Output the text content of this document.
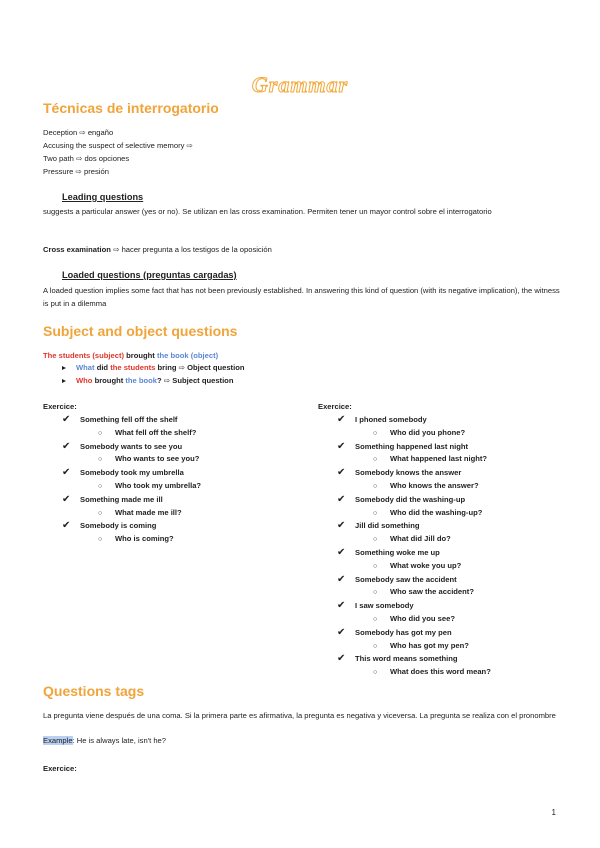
Grammar
Técnicas de interrogatorio
Deception ⇨ engaño
Accusing the suspect of selective memory ⇨
Two path ⇨ dos opciones
Pressure ⇨ presión
Leading questions
suggests a particular answer (yes or no). Se utilizan en las cross examination. Permiten tener un mayor control sobre el interrogatorio
Cross examination ⇨ hacer pregunta a los testigos de la oposición
Loaded questions (preguntas cargadas)
A loaded question implies some fact that has not been previously established. In answering this kind of question (with its negative implication), the witness is put in a dilemma
Subject and object questions
The students (subject) brought the book (object)
What did the students bring ⇨ Object question
Who brought the book? ⇨ Subject question
Exercice:	Exercice:
✔ Something fell off the shelf
○ What fell off the shelf?
✔ Somebody wants to see you
○ Who wants to see you?
✔ Somebody took my umbrella
○ Who took my umbrella?
✔ Something made me ill
○ What made me ill?
✔ Somebody is coming
○ Who is coming?
✔ I phoned somebody
○ Who did you phone?
✔ Something happened last night
○ What happened last night?
✔ Somebody knows the answer
○ Who knows the answer?
✔ Somebody did the washing-up
○ Who did the washing-up?
✔ Jill did something
○ What did Jill do?
✔ Something woke me up
○ What woke you up?
✔ Somebody saw the accident
○ Who saw the accident?
✔ I saw somebody
○ Who did you see?
✔ Somebody has got my pen
○ Who has got my pen?
✔ This word means something
○ What does this word mean?
Questions tags
La pregunta viene después de una coma. Si la primera parte es afirmativa, la pregunta es negativa y viceversa. La pregunta se realiza con el pronombre
Example: He is always late, isn't he?
Exercice:
1
